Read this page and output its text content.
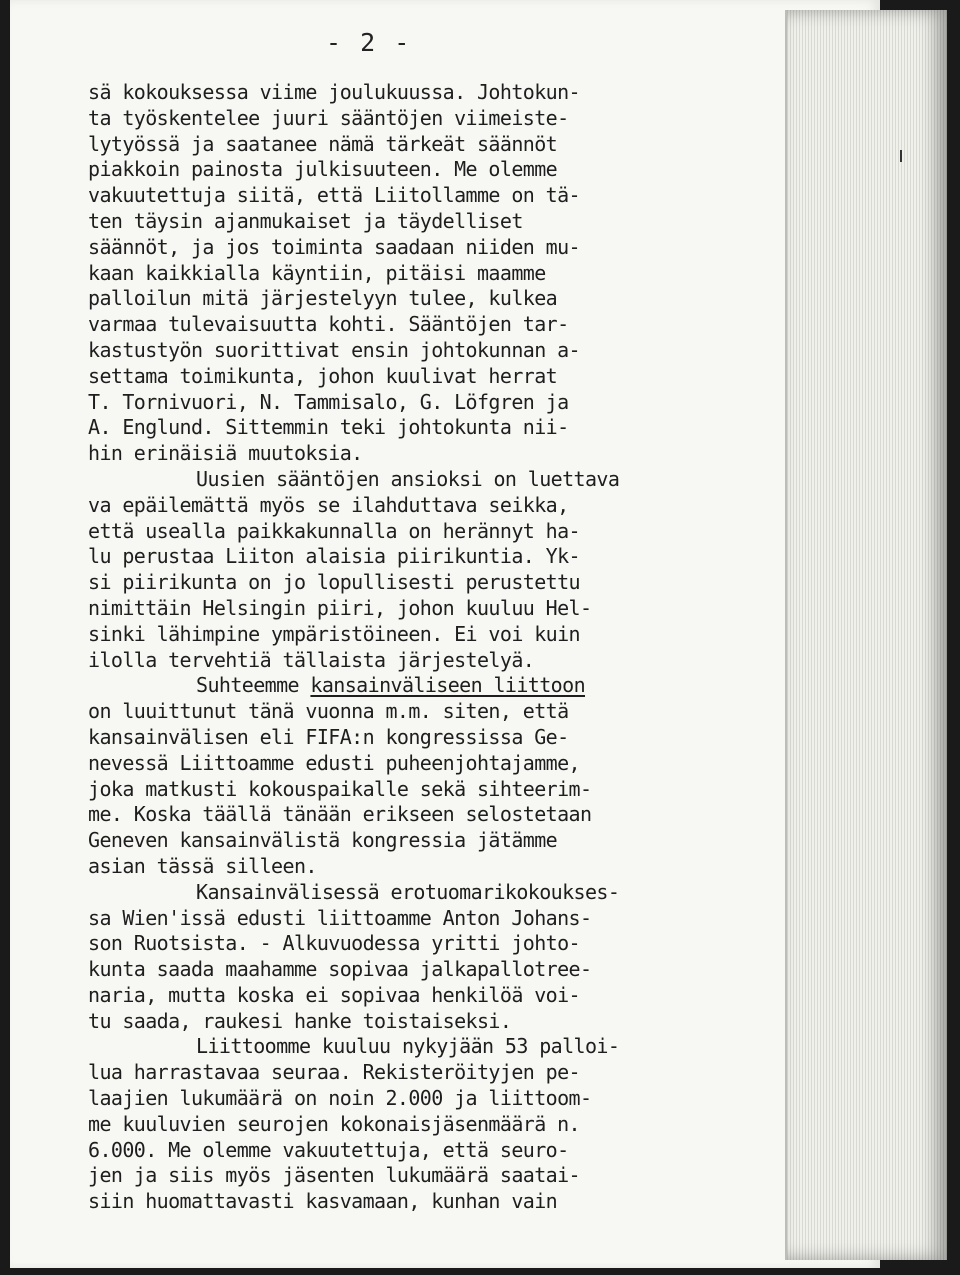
- 2 -
sä kokouksessa viime joulukuussa. Johtokun-
ta työskentelee juuri sääntöjen viimeiste-
lytyössä ja saatanee nämä tärkeät säännöt
piakkoin painosta julkisuuteen. Me olemme
vakuutettuja siitä, että Liitollamme on tä-
ten täysin ajanmukaiset ja täydelliset
säännöt, ja jos toiminta saadaan niiden mu-
kaan kaikkialla käyntiin, pitäisi maamme
palloilun mitä järjestelyyn tulee, kulkea
varmaa tulevaisuutta kohti. Sääntöjen tar-
kastustyön suorittivat ensin johtokunnan a-
settama toimikunta, johon kuulivat herrat
T. Tornivuori, N. Tammisalo, G. Löfgren ja
A. Englund. Sittemmin teki johtokunta nii-
hin erinäisiä muutoksia.
Uusien sääntöjen ansioksi on luettava
va epäilemättä myös se ilahduttava seikka,
että usealla paikkakunnalla on herännyt ha-
lu perustaa Liiton alaisia piirikuntia. Yk-
si piirikunta on jo lopullisesti perustettu
nimittäin Helsingin piiri, johon kuuluu Hel-
sinki lähimpine ympäristöineen. Ei voi kuin
ilolla tervehtiä tällaista järjestelyä.
Suhteemme kansainväliseen liittoon
on luuittunut tänä vuonna m.m. siten, että
kansainvälisen eli FIFA:n kongressissa Ge-
nevessä Liittoamme edusti puheenjohtajamme,
joka matkusti kokouspaikalle sekä sihteerim-
me. Koska täällä tänään erikseen selostetaan
Geneven kansainvälistä kongressia jätämme
asian tässä silleen.
Kansainvälisessä erotuomarikokoukses-
sa Wien'issä edusti liittoamme Anton Johans-
son Ruotsista. - Alkuvuodessa yritti johto-
kunta saada maahamme sopivaa jalkapallotree-
naria, mutta koska ei sopivaa henkilöä voi-
tu saada, raukesi hanke toistaiseksi.
Liittoomme kuuluu nykyjään 53 palloi-
lua harrastavaa seuraa. Rekisteröityjen pe-
laajien lukumäärä on noin 2.000 ja liittoom-
me kuuluvien seurojen kokonaisjäsenmäärä n.
6.000. Me olemme vakuutettuja, että seuro-
jen ja siis myös jäsenten lukumäärä saatai-
siin huomattavasti kasvamaan, kunhan vain
